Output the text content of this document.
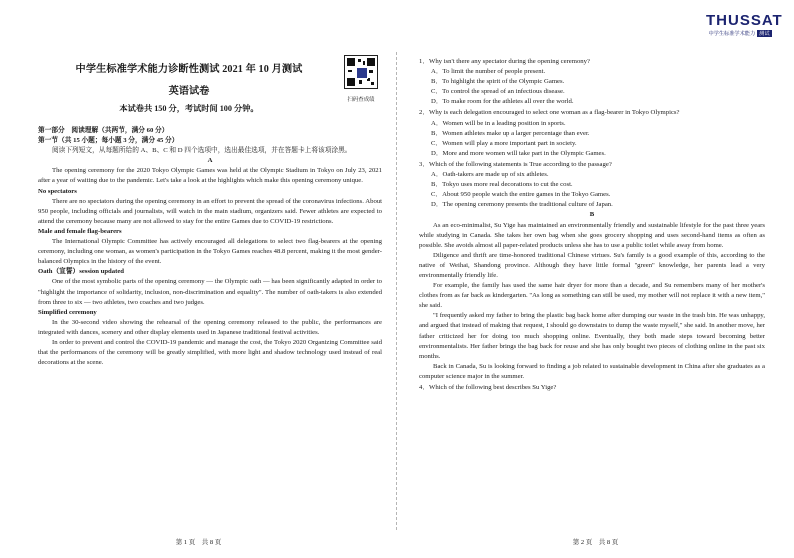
中学生标准学术能力诊断性测试 2021 年 10 月测试
英语试卷
本试卷共 150 分，考试时间 100 分钟。
扫码查成绩

第一部分　阅读理解（共两节，满分 60 分）

第一节（共 15 小题；每小题 3 分，满分 45 分）

阅读下列短文，从每题所给的 A、B、C 和 D 四个选项中，选出最佳选项，并在答题卡上将该项涂黑。

A

The opening ceremony for the 2020 Tokyo Olympic Games was held at the Olympic Stadium in Tokyo on July 23, 2021 after a year of waiting due to the pandemic. Let's take a look at the highlights which make this opening ceremony unique.

No spectators

There are no spectators during the opening ceremony in an effort to prevent the spread of the coronavirus infections. About 950 people, including officials and journalists, will watch in the main stadium, organizers said. Fewer athletes are expected to attend the ceremony because many are not allowed to stay for the entire Games due to COVID-19 restrictions.

Male and female flag-bearers

The International Olympic Committee has actively encouraged all delegations to select two flag-bearers at the opening ceremony, including one woman, as women's participation in the Tokyo Games reaches 48.8 percent, making it the most gender-balanced Olympics in the history of the event.

Oath（宣誓）session updated

One of the most symbolic parts of the opening ceremony — the Olympic oath — has been significantly adapted in order to "highlight the importance of solidarity, inclusion, non-discrimination and equality". The number of oath-takers is also extended from three to six — two athletes, two coaches and two judges.

Simplified ceremony

In the 30-second video showing the rehearsal of the opening ceremony released to the public, the performances are integrated with dances, scenery and other display elements used in Japanese traditional festival activities.

In order to prevent and control the COVID-19 pandemic and manage the cost, the Tokyo 2020 Organizing Committee said that the performances of the ceremony will be greatly simplified, with more light and shadow technology used instead of real decorations at the scene.

第 1 页　共 8 页
THUSSAT
中学生标准学术能力 测试

1．Why isn't there any spectator during the opening ceremony?

A．To limit the number of people present.

B．To highlight the spirit of the Olympic Games.

C．To control the spread of an infectious disease.

D．To make room for the athletes all over the world.

2．Why is each delegation encouraged to select one woman as a flag-bearer in Tokyo Olympics?

A．Women will be in a leading position in sports.

B．Women athletes make up a larger percentage than ever.

C．Women will play a more important part in society.

D．More and more women will take part in the Olympic Games.

3．Which of the following statements is True according to the passage?

A．Oath-takers are made up of six athletes.

B．Tokyo uses more real decorations to cut the cost.

C．About 950 people watch the entire games in the Tokyo Games.

D．The opening ceremony presents the traditional culture of Japan.

B

As an eco-minimalist, Su Yige has maintained an environmentally friendly and sustainable lifestyle for the past three years while studying in Canada. She takes her own bag when she goes grocery shopping and uses second-hand items as often as possible. She avoids almost all paper-related products unless she has to use a public toilet while away from home.

Diligence and thrift are time-honored traditional Chinese virtues. Su's family is a good example of this, according to the native of Weihai, Shandong province. Although they have little formal "green" knowledge, her parents lead a very environmentally friendly life.

For example, the family has used the same hair dryer for more than a decade, and Su remembers many of her mother's clothes from as far back as kindergarten. "As long as something can still be used, my mother will not replace it with a new item," she said.

"I frequently asked my father to bring the plastic bag back home after dumping our waste in the trash bin. He was unhappy, and argued that instead of making that request, I should go downstairs to dump the waste myself," she said. In another move, her father criticized her for doing too much shopping online. Eventually, they both made steps toward becoming better environmentalists. Her father brings the bag back for reuse and she has only bought two pieces of clothing online in the past six months.

Back in Canada, Su is looking forward to finding a job related to sustainable development in China after she graduates as a computer science major in the summer.

4．Which of the following best describes Su Yige?

第 2 页　共 8 页
